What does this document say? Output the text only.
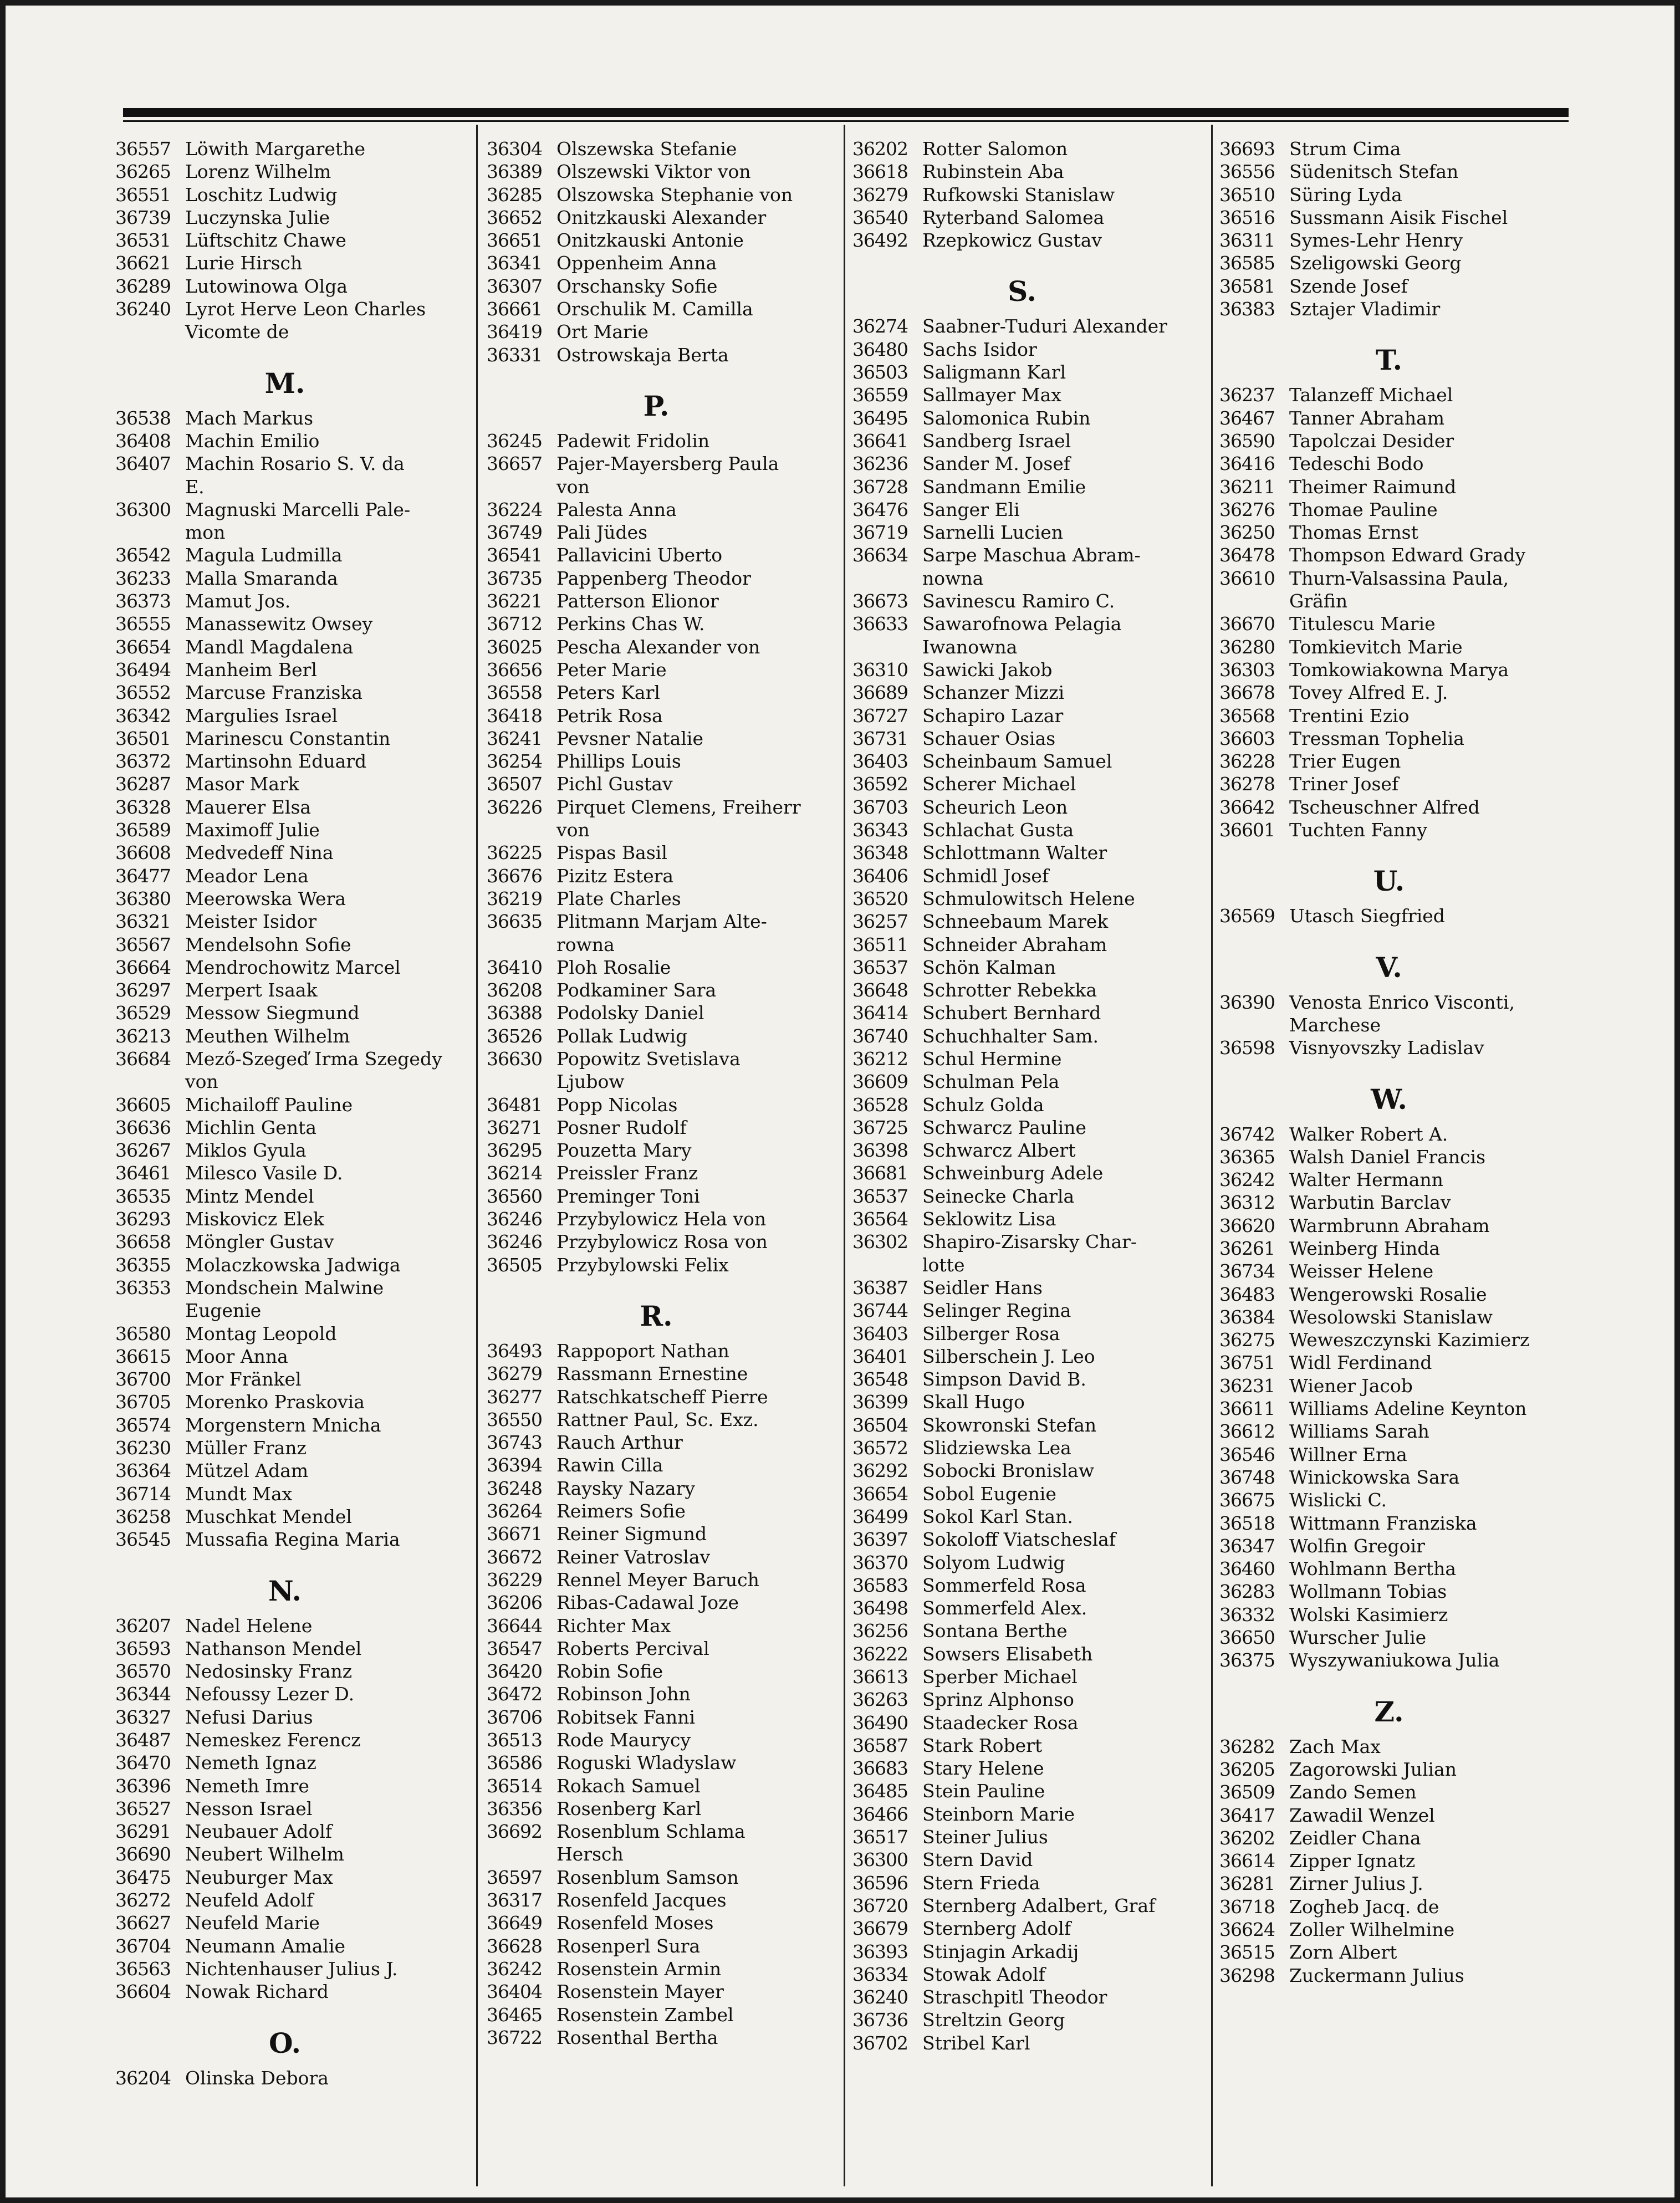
36557 Löwith Margarethe
36265 Lorenz Wilhelm
36551 Loschitz Ludwig
36739 Luczynska Julie
36531 Lüftschitz Chawe
36621 Lurie Hirsch
36289 Lutowinowa Olga
36240 Lyrot Herve Leon Charles
Vicomte de
M.
36538 Mach Markus
36408 Machin Emilio
36407 Machin Rosario S. V. da
E.
36300 Magnuski Marcelli Pale-
mon
36542 Magula Ludmilla
36233 Malla Smaranda
36373 Mamut Jos.
36555 Manassewitz Owsey
36654 Mandl Magdalena
36494 Manheim Berl
36552 Marcuse Franziska
36342 Margulies Israel
36501 Marinescu Constantin
36372 Martinsohn Eduard
36287 Masor Mark
36328 Mauerer Elsa
36589 Maximoff Julie
36608 Medvedeff Nina
36477 Meador Lena
36380 Meerowska Wera
36321 Meister Isidor
36567 Mendelsohn Sofie
36664 Mendrochowitz Marcel
36297 Merpert Isaak
36529 Messow Siegmund
36213 Meuthen Wilhelm
36684 Mező-Szegeď Irma Szegedy
von
36605 Michailoff Pauline
36636 Michlin Genta
36267 Miklos Gyula
36461 Milesco Vasile D.
36535 Mintz Mendel
36293 Miskovicz Elek
36658 Möngler Gustav
36355 Molaczkowska Jadwiga
36353 Mondschein Malwine
Eugenie
36580 Montag Leopold
36615 Moor Anna
36700 Mor Fränkel
36705 Morenko Praskovia
36574 Morgenstern Mnicha
36230 Müller Franz
36364 Mützel Adam
36714 Mundt Max
36258 Muschkat Mendel
36545 Mussafia Regina Maria
N.
36207 Nadel Helene
36593 Nathanson Mendel
36570 Nedosinsky Franz
36344 Nefoussy Lezer D.
36327 Nefusi Darius
36487 Nemeskez Ferencz
36470 Nemeth Ignaz
36396 Nemeth Imre
36527 Nesson Israel
36291 Neubauer Adolf
36690 Neubert Wilhelm
36475 Neuburger Max
36272 Neufeld Adolf
36627 Neufeld Marie
36704 Neumann Amalie
36563 Nichtenhauser Julius J.
36604 Nowak Richard
O.
36204 Olinska Debora
36304 Olszewska Stefanie
36389 Olszewski Viktor von
36285 Olszowska Stephanie von
36652 Onitzkauski Alexander
36651 Onitzkauski Antonie
36341 Oppenheim Anna
36307 Orschansky Sofie
36661 Orschulik M. Camilla
36419 Ort Marie
36331 Ostrowskaja Berta
P.
36245 Padewit Fridolin
36657 Pajer-Mayersberg Paula
von
36224 Palesta Anna
36749 Pali Jüdes
36541 Pallavicini Uberto
36735 Pappenberg Theodor
36221 Patterson Elionor
36712 Perkins Chas W.
36025 Pescha Alexander von
36656 Peter Marie
36558 Peters Karl
36418 Petrik Rosa
36241 Pevsner Natalie
36254 Phillips Louis
36507 Pichl Gustav
36226 Pirquet Clemens, Freiherr
von
36225 Pispas Basil
36676 Pizitz Estera
36219 Plate Charles
36635 Plitmann Marjam Alte-
rowna
36410 Ploh Rosalie
36208 Podkaminer Sara
36388 Podolsky Daniel
36526 Pollak Ludwig
36630 Popowitz Svetislava
Ljubow
36481 Popp Nicolas
36271 Posner Rudolf
36295 Pouzetta Mary
36214 Preissler Franz
36560 Preminger Toni
36246 Przybylowicz Hela von
36246 Przybylowicz Rosa von
36505 Przybylowski Felix
R.
36493 Rappoport Nathan
36279 Rassmann Ernestine
36277 Ratschkatscheff Pierre
36550 Rattner Paul, Sc. Exz.
36743 Rauch Arthur
36394 Rawin Cilla
36248 Raysky Nazary
36264 Reimers Sofie
36671 Reiner Sigmund
36672 Reiner Vatroslav
36229 Rennel Meyer Baruch
36206 Ribas-Cadawal Joze
36644 Richter Max
36547 Roberts Percival
36420 Robin Sofie
36472 Robinson John
36706 Robitsek Fanni
36513 Rode Maurycy
36586 Roguski Wladyslaw
36514 Rokach Samuel
36356 Rosenberg Karl
36692 Rosenblum Schlama
Hersch
36597 Rosenblum Samson
36317 Rosenfeld Jacques
36649 Rosenfeld Moses
36628 Rosenperl Sura
36242 Rosenstein Armin
36404 Rosenstein Mayer
36465 Rosenstein Zambel
36722 Rosenthal Bertha
36202 Rotter Salomon
36618 Rubinstein Aba
36279 Rufkowski Stanislaw
36540 Ryterband Salomea
36492 Rzepkowicz Gustav
S.
36274 Saabner-Tuduri Alexander
36480 Sachs Isidor
36503 Saligmann Karl
36559 Sallmayer Max
36495 Salomonica Rubin
36641 Sandberg Israel
36236 Sander M. Josef
36728 Sandmann Emilie
36476 Sanger Eli
36719 Sarnelli Lucien
36634 Sarpe Maschua Abram-
nowna
36673 Savinescu Ramiro C.
36633 Sawarofnowa Pelagia
Iwanowna
36310 Sawicki Jakob
36689 Schanzer Mizzi
36727 Schapiro Lazar
36731 Schauer Osias
36403 Scheinbaum Samuel
36592 Scherer Michael
36703 Scheurich Leon
36343 Schlachat Gusta
36348 Schlottmann Walter
36406 Schmidl Josef
36520 Schmulowitsch Helene
36257 Schneebaum Marek
36511 Schneider Abraham
36537 Schön Kalman
36648 Schrotter Rebekka
36414 Schubert Bernhard
36740 Schuchhalter Sam.
36212 Schul Hermine
36609 Schulman Pela
36528 Schulz Golda
36725 Schwarcz Pauline
36398 Schwarcz Albert
36681 Schweinburg Adele
36537 Seinecke Charla
36564 Seklowitz Lisa
36302 Shapiro-Zisarsky Char-
lotte
36387 Seidler Hans
36744 Selinger Regina
36403 Silberger Rosa
36401 Silberschein J. Leo
36548 Simpson David B.
36399 Skall Hugo
36504 Skowronski Stefan
36572 Slidziewska Lea
36292 Sobocki Bronislaw
36654 Sobol Eugenie
36499 Sokol Karl Stan.
36397 Sokoloff Viatscheslaf
36370 Solyom Ludwig
36583 Sommerfeld Rosa
36498 Sommerfeld Alex.
36256 Sontana Berthe
36222 Sowsers Elisabeth
36613 Sperber Michael
36263 Sprinz Alphonso
36490 Staadecker Rosa
36587 Stark Robert
36683 Stary Helene
36485 Stein Pauline
36466 Steinborn Marie
36517 Steiner Julius
36300 Stern David
36596 Stern Frieda
36720 Sternberg Adalbert, Graf
36679 Sternberg Adolf
36393 Stinjagin Arkadij
36334 Stowak Adolf
36240 Straschpitl Theodor
36736 Streltzin Georg
36702 Stribel Karl
36693 Strum Cima
36556 Südenitsch Stefan
36510 Süring Lyda
36516 Sussmann Aisik Fischel
36311 Symes-Lehr Henry
36585 Szeligowski Georg
36581 Szende Josef
36383 Sztajer Vladimir
T.
36237 Talanzeff Michael
36467 Tanner Abraham
36590 Tapolczai Desider
36416 Tedeschi Bodo
36211 Theimer Raimund
36276 Thomae Pauline
36250 Thomas Ernst
36478 Thompson Edward Grady
36610 Thurn-Valsassina Paula,
Gräfin
36670 Titulescu Marie
36280 Tomkievitch Marie
36303 Tomkowiakowna Marya
36678 Tovey Alfred E. J.
36568 Trentini Ezio
36603 Tressman Tophelia
36228 Trier Eugen
36278 Triner Josef
36642 Tscheuschner Alfred
36601 Tuchten Fanny
U.
36569 Utasch Siegfried
V.
36390 Venosta Enrico Visconti,
Marchese
36598 Visnyovszky Ladislav
W.
36742 Walker Robert A.
36365 Walsh Daniel Francis
36242 Walter Hermann
36312 Warbutin Barclav
36620 Warmbrunn Abraham
36261 Weinberg Hinda
36734 Weisser Helene
36483 Wengerowski Rosalie
36384 Wesolowski Stanislaw
36275 Weweszczynski Kazimierz
36751 Widl Ferdinand
36231 Wiener Jacob
36611 Williams Adeline Keynton
36612 Williams Sarah
36546 Willner Erna
36748 Winickowska Sara
36675 Wislicki C.
36518 Wittmann Franziska
36347 Wolfin Gregoir
36460 Wohlmann Bertha
36283 Wollmann Tobias
36332 Wolski Kasimierz
36650 Wurscher Julie
36375 Wyszywaniukowa Julia
Z.
36282 Zach Max
36205 Zagorowski Julian
36509 Zando Semen
36417 Zawadil Wenzel
36202 Zeidler Chana
36614 Zipper Ignatz
36281 Zirner Julius J.
36718 Zogheb Jacq. de
36624 Zoller Wilhelmine
36515 Zorn Albert
36298 Zuckermann Julius
